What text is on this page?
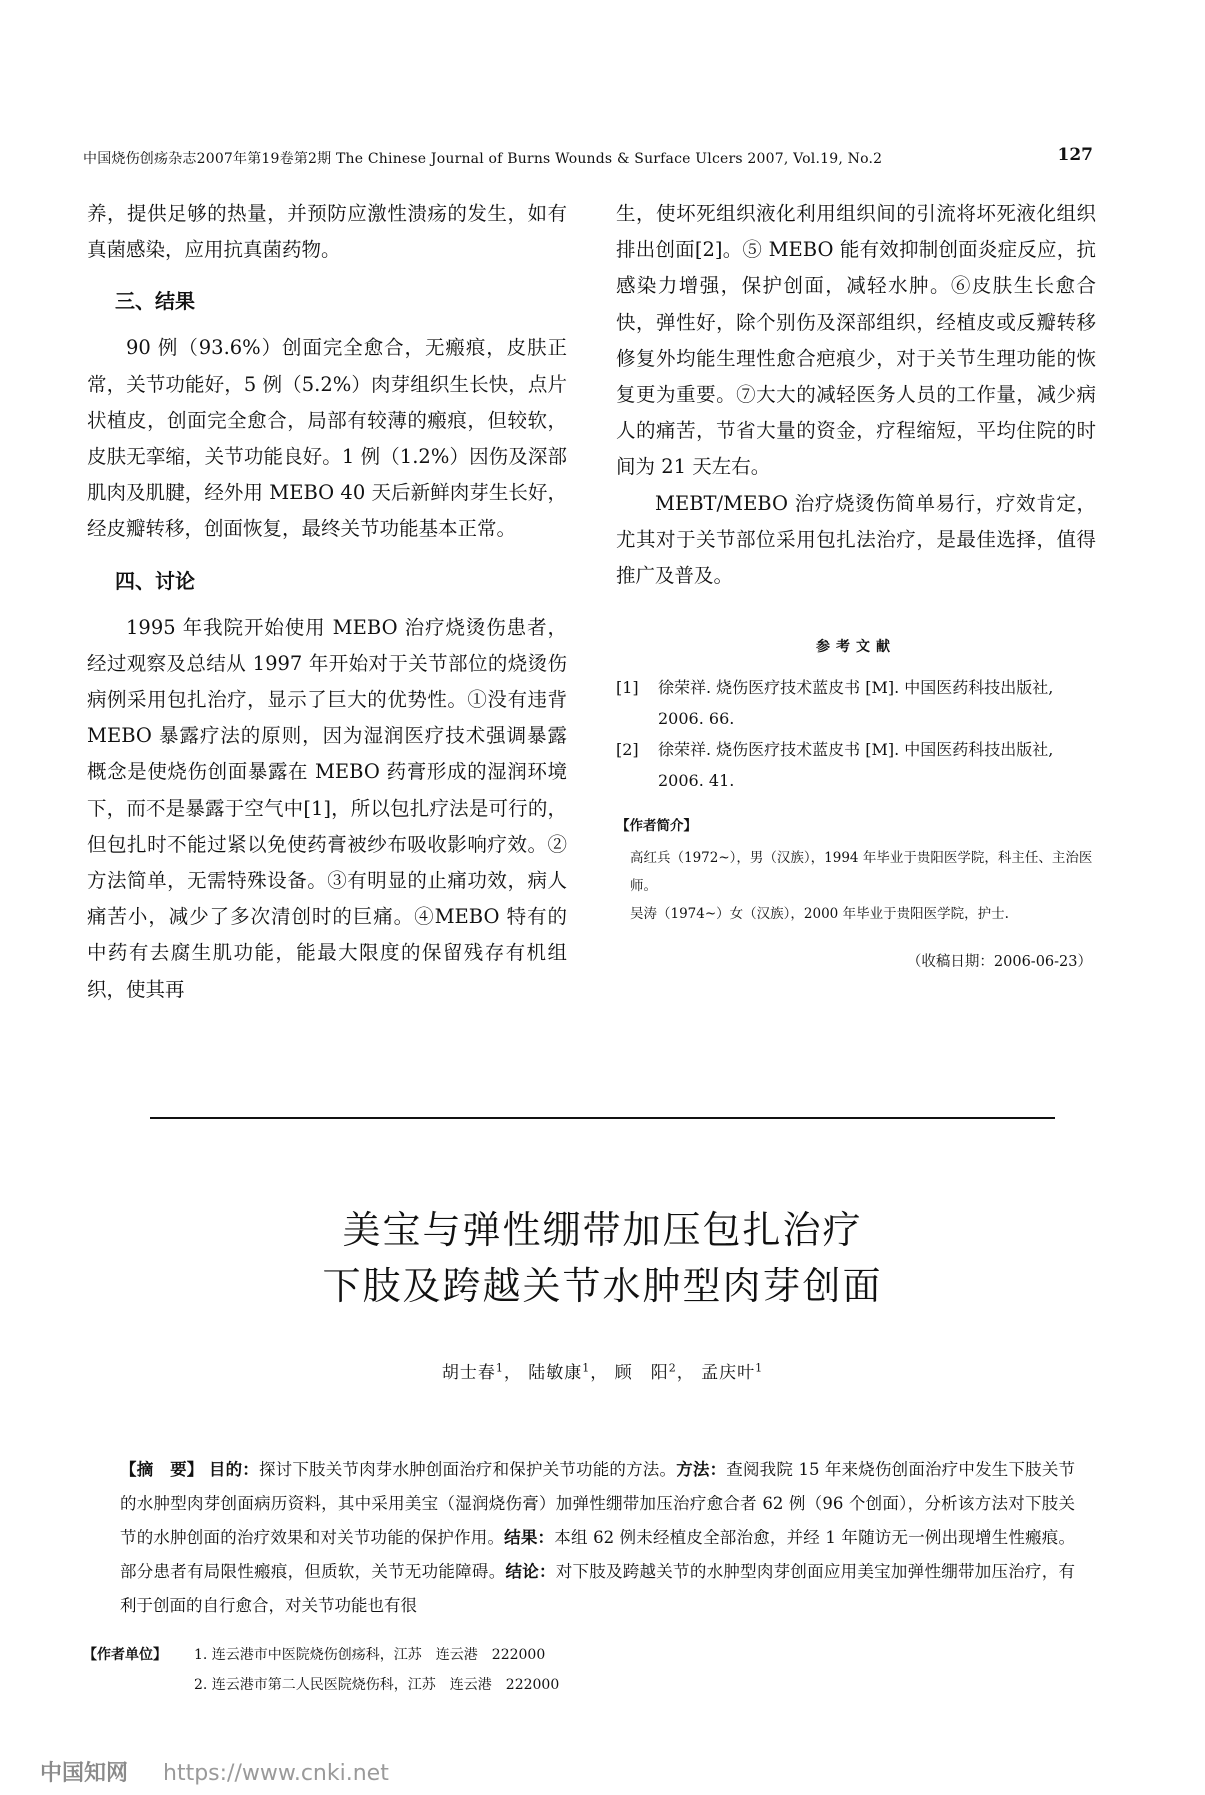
中国烧伤创疡杂志2007年第19卷第2期 The Chinese Journal of Burns Wounds & Surface Ulcers 2007, Vol.19, No.2	127

养，提供足够的热量，并预防应激性溃疡的发生，如有真菌感染，应用抗真菌药物。

三、结果

90 例（93.6%）创面完全愈合，无瘢痕，皮肤正常，关节功能好，5 例（5.2%）肉芽组织生长快，点片状植皮，创面完全愈合，局部有较薄的瘢痕，但较软，皮肤无挛缩，关节功能良好。1 例（1.2%）因伤及深部肌肉及肌腱，经外用 MEBO 40 天后新鲜肉芽生长好，经皮瓣转移，创面恢复，最终关节功能基本正常。

四、讨论

1995 年我院开始使用 MEBO 治疗烧烫伤患者，经过观察及总结从 1997 年开始对于关节部位的烧烫伤病例采用包扎治疗，显示了巨大的优势性。①没有违背 MEBO 暴露疗法的原则，因为湿润医疗技术强调暴露概念是使烧伤创面暴露在 MEBO 药膏形成的湿润环境下，而不是暴露于空气中[1]，所以包扎疗法是可行的，但包扎时不能过紧以免使药膏被纱布吸收影响疗效。②方法简单，无需特殊设备。③有明显的止痛功效，病人痛苦小，减少了多次清创时的巨痛。④MEBO 特有的中药有去腐生肌功能，能最大限度的保留残存有机组织，使其再

生，使坏死组织液化利用组织间的引流将坏死液化组织排出创面[2]。⑤ MEBO 能有效抑制创面炎症反应，抗感染力增强，保护创面，减轻水肿。⑥皮肤生长愈合快，弹性好，除个别伤及深部组织，经植皮或反瓣转移修复外均能生理性愈合疤痕少，对于关节生理功能的恢复更为重要。⑦大大的减轻医务人员的工作量，减少病人的痛苦，节省大量的资金，疗程缩短，平均住院的时间为 21 天左右。

MEBT/MEBO 治疗烧烫伤简单易行，疗效肯定，尤其对于关节部位采用包扎法治疗，是最佳选择，值得推广及普及。

参考文献

[1] 徐荣祥. 烧伤医疗技术蓝皮书 [M]. 中国医药科技出版社, 2006. 66.

[2] 徐荣祥. 烧伤医疗技术蓝皮书 [M]. 中国医药科技出版社, 2006. 41.

【作者简介】

高红兵（1972~），男（汉族），1994 年毕业于贵阳医学院，科主任、主治医师。

吴涛（1974~）女（汉族），2000 年毕业于贵阳医学院，护士.

（收稿日期：2006-06-23）
美宝与弹性绷带加压包扎治疗
下肢及跨越关节水肿型肉芽创面
胡士春$^1$， 陆敏康$^1$， 顾　阳$^2$， 孟庆叶$^1$
【摘　要】 目的：探讨下肢关节肉芽水肿创面治疗和保护关节功能的方法。方法：查阅我院 15 年来烧伤创面治疗中发生下肢关节的水肿型肉芽创面病历资料，其中采用美宝（湿润烧伤膏）加弹性绷带加压治疗愈合者 62 例（96 个创面），分析该方法对下肢关节的水肿创面的治疗效果和对关节功能的保护作用。结果：本组 62 例未经植皮全部治愈，并经 1 年随访无一例出现增生性瘢痕。部分患者有局限性瘢痕，但质软，关节无功能障碍。结论：对下肢及跨越关节的水肿型肉芽创面应用美宝加弹性绷带加压治疗，有利于创面的自行愈合，对关节功能也有很
【作者单位】 1. 连云港市中医院烧伤创疡科，江苏　连云港　222000
2. 连云港市第二人民医院烧伤科，江苏　连云港　222000
中国知网 https://www.cnki.net
